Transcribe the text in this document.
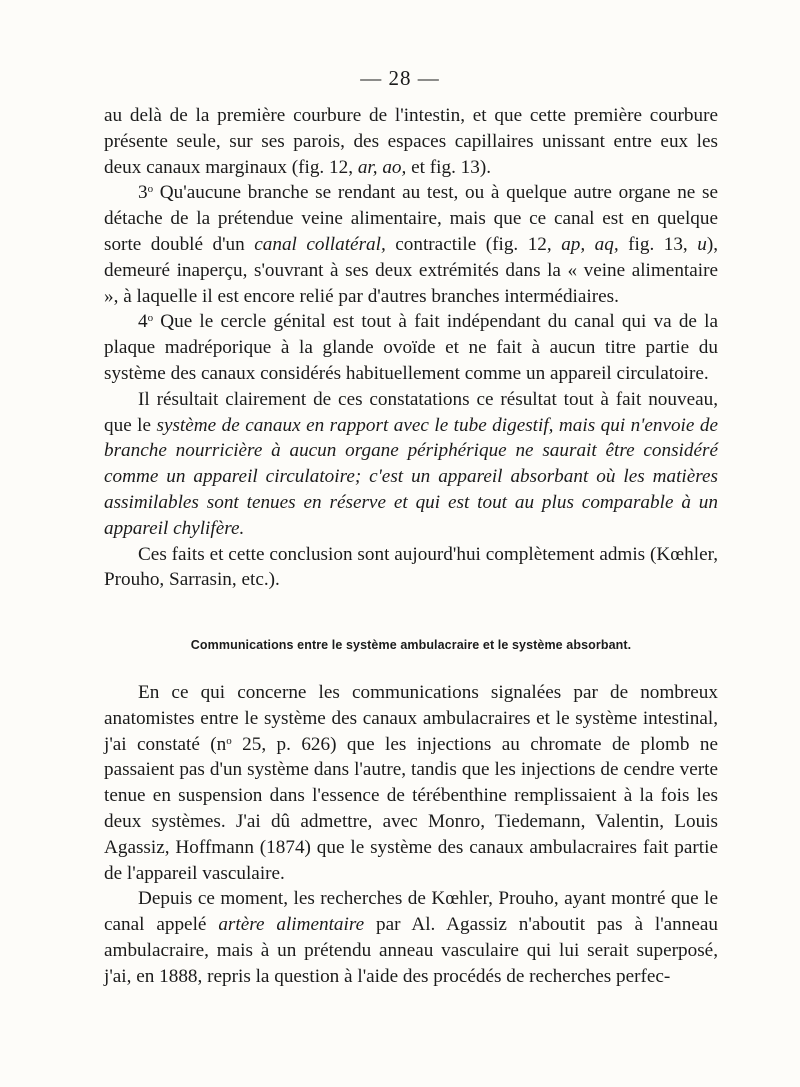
— 28 —

au delà de la première courbure de l'intestin, et que cette première courbure présente seule, sur ses parois, des espaces capillaires unissant entre eux les deux canaux marginaux (fig. 12, ar, ao, et fig. 13).

3$^o$ Qu'aucune branche se rendant au test, ou à quelque autre organe ne se détache de la prétendue veine alimentaire, mais que ce canal est en quelque sorte doublé d'un canal collatéral, contractile (fig. 12, ap, aq, fig. 13, u), demeuré inaperçu, s'ouvrant à ses deux extrémités dans la « veine alimentaire », à laquelle il est encore relié par d'autres branches intermédiaires.

4$^o$ Que le cercle génital est tout à fait indépendant du canal qui va de la plaque madréporique à la glande ovoïde et ne fait à aucun titre partie du système des canaux considérés habituellement comme un appareil circulatoire.

Il résultait clairement de ces constatations ce résultat tout à fait nouveau, que le système de canaux en rapport avec le tube digestif, mais qui n'envoie de branche nourricière à aucun organe périphérique ne saurait être considéré comme un appareil circulatoire; c'est un appareil absorbant où les matières assimilables sont tenues en réserve et qui est tout au plus comparable à un appareil chylifère.

Ces faits et cette conclusion sont aujourd'hui complètement admis (Kœhler, Prouho, Sarrasin, etc.).

Communications entre le système ambulacraire et le système absorbant.

En ce qui concerne les communications signalées par de nombreux anatomistes entre le système des canaux ambulacraires et le système intestinal, j'ai constaté ($n^o$ 25, p. 626) que les injections au chromate de plomb ne passaient pas d'un système dans l'autre, tandis que les injections de cendre verte tenue en suspension dans l'essence de térébenthine remplissaient à la fois les deux systèmes. J'ai dû admettre, avec Monro, Tiedemann, Valentin, Louis Agassiz, Hoffmann (1874) que le système des canaux ambulacraires fait partie de l'appareil vasculaire.

Depuis ce moment, les recherches de Kœhler, Prouho, ayant montré que le canal appelé artère alimentaire par Al. Agassiz n'aboutit pas à l'anneau ambulacraire, mais à un prétendu anneau vasculaire qui lui serait superposé, j'ai, en 1888, repris la question à l'aide des procédés de recherches perfec-
